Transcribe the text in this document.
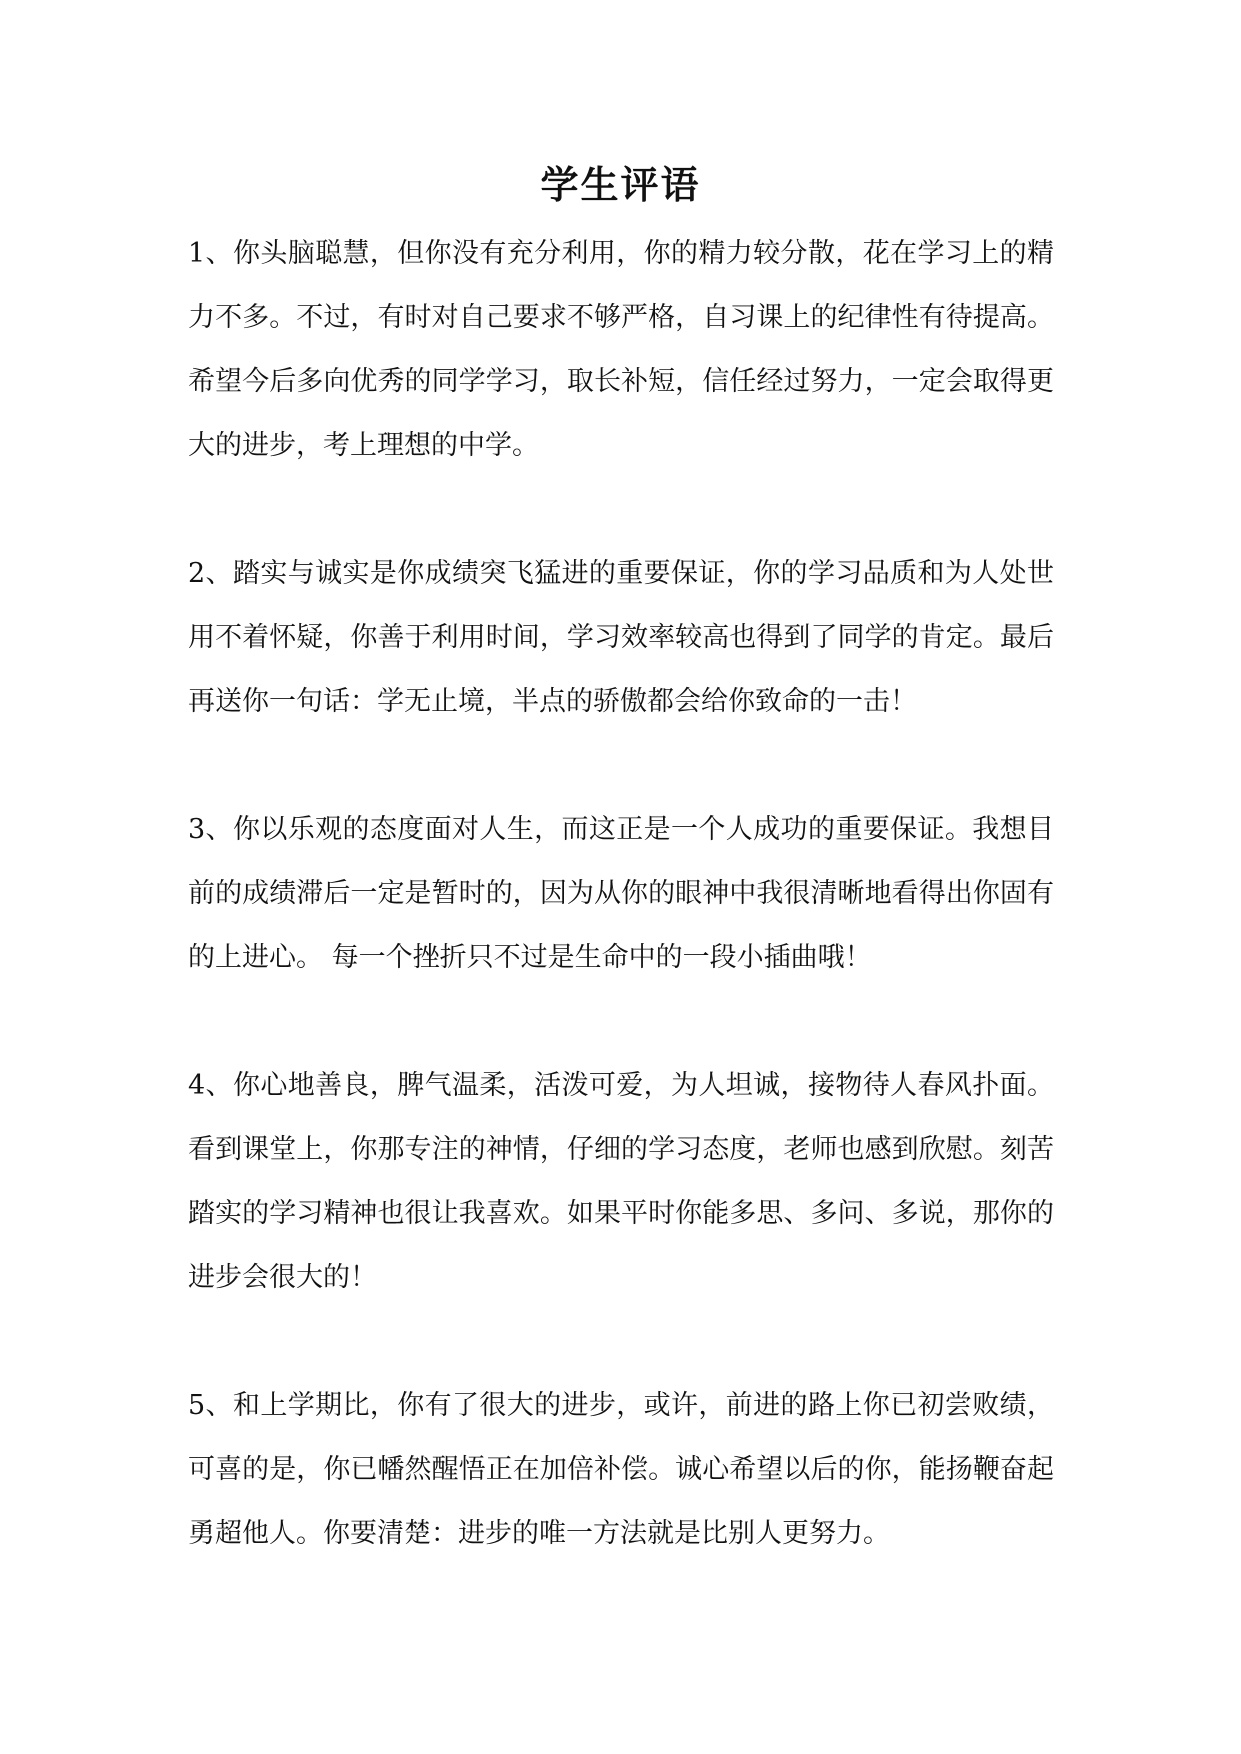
学生评语

1、你头脑聪慧，但你没有充分利用，你的精力较分散，花在学习上的精力不多。不过，有时对自己要求不够严格，自习课上的纪律性有待提高。希望今后多向优秀的同学学习，取长补短，信任经过努力，一定会取得更大的进步，考上理想的中学。

2、踏实与诚实是你成绩突飞猛进的重要保证，你的学习品质和为人处世用不着怀疑，你善于利用时间，学习效率较高也得到了同学的肯定。最后再送你一句话：学无止境，半点的骄傲都会给你致命的一击！

3、你以乐观的态度面对人生，而这正是一个人成功的重要保证。我想目前的成绩滞后一定是暂时的，因为从你的眼神中我很清晰地看得出你固有的上进心。 每一个挫折只不过是生命中的一段小插曲哦！

4、你心地善良，脾气温柔，活泼可爱，为人坦诚，接物待人春风扑面。看到课堂上，你那专注的神情，仔细的学习态度，老师也感到欣慰。刻苦踏实的学习精神也很让我喜欢。如果平时你能多思、多问、多说，那你的进步会很大的！

5、和上学期比，你有了很大的进步，或许，前进的路上你已初尝败绩，可喜的是，你已幡然醒悟正在加倍补偿。诚心希望以后的你，能扬鞭奋起勇超他人。你要清楚：进步的唯一方法就是比别人更努力。
